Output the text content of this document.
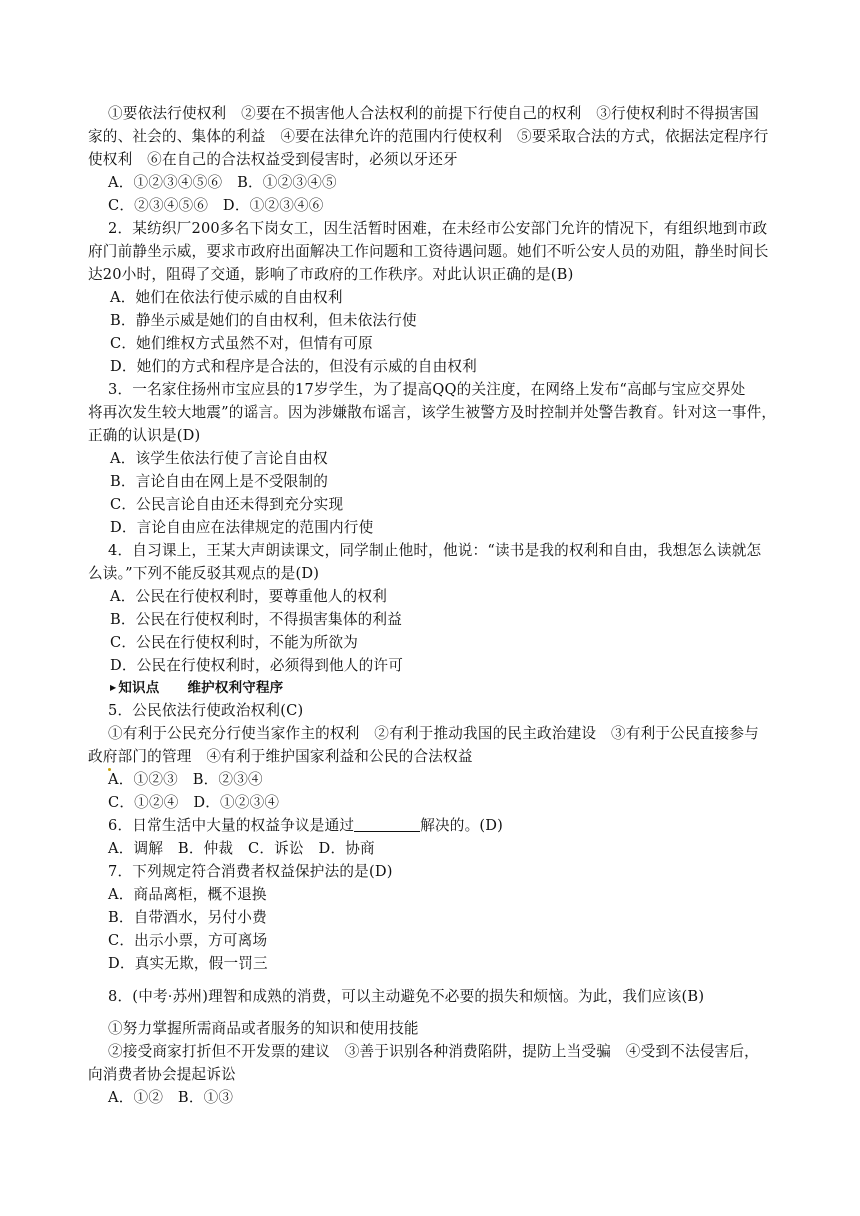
①要依法行使权利　②要在不损害他人合法权利的前提下行使自己的权利　③行使权利时不得损害国
家的、社会的、集体的利益　④要在法律允许的范围内行使权利　⑤要采取合法的方式，依据法定程序行
使权利　⑥在自己的合法权益受到侵害时，必须以牙还牙
A．①②③④⑤⑥　B．①②③④⑤
C．②③④⑤⑥　D．①②③④⑥
2．某纺织厂200多名下岗女工，因生活暂时困难，在未经市公安部门允许的情况下，有组织地到市政
府门前静坐示威，要求市政府出面解决工作问题和工资待遇问题。她们不听公安人员的劝阻，静坐时间长
达20小时，阻碍了交通，影响了市政府的工作秩序。对此认识正确的是(B)
A．她们在依法行使示威的自由权利
B．静坐示威是她们的自由权利，但未依法行使
C．她们维权方式虽然不对，但情有可原
D．她们的方式和程序是合法的，但没有示威的自由权利
3．一名家住扬州市宝应县的17岁学生，为了提高QQ的关注度，在网络上发布“高邮与宝应交界处
将再次发生较大地震”的谣言。因为涉嫌散布谣言，该学生被警方及时控制并处警告教育。针对这一事件，
正确的认识是(D)
A．该学生依法行使了言论自由权
B．言论自由在网上是不受限制的
C．公民言论自由还未得到充分实现
D．言论自由应在法律规定的范围内行使
4．自习课上，王某大声朗读课文，同学制止他时，他说：“读书是我的权利和自由，我想怎么读就怎
么读。”下列不能反驳其观点的是(D)
A．公民在行使权利时，要尊重他人的权利
B．公民在行使权利时，不得损害集体的利益
C．公民在行使权利时，不能为所欲为
D．公民在行使权利时，必须得到他人的许可
▶ 知识点 维护权利守程序
5．公民依法行使政治权利(C)
①有利于公民充分行使当家作主的权利　②有利于推动我国的民主政治建设　③有利于公民直接参与
政府部门的管理　④有利于维护国家利益和公民的合法权益
A．①②③　B．②③④
C．①②④　D．①②③④
6．日常生活中大量的权益争议是通过	解决的。(D)
A．调解　B．仲裁　C．诉讼　D．协商
7．下列规定符合消费者权益保护法的是(D)
A．商品离柜，概不退换
B．自带酒水，另付小费
C．出示小票，方可离场
D．真实无欺，假一罚三
8．(中考·苏州)理智和成熟的消费，可以主动避免不必要的损失和烦恼。为此，我们应该(B)
①努力掌握所需商品或者服务的知识和使用技能
②接受商家打折但不开发票的建议　③善于识别各种消费陷阱，提防上当受骗　④受到不法侵害后，
向消费者协会提起诉讼
A．①②　B．①③
